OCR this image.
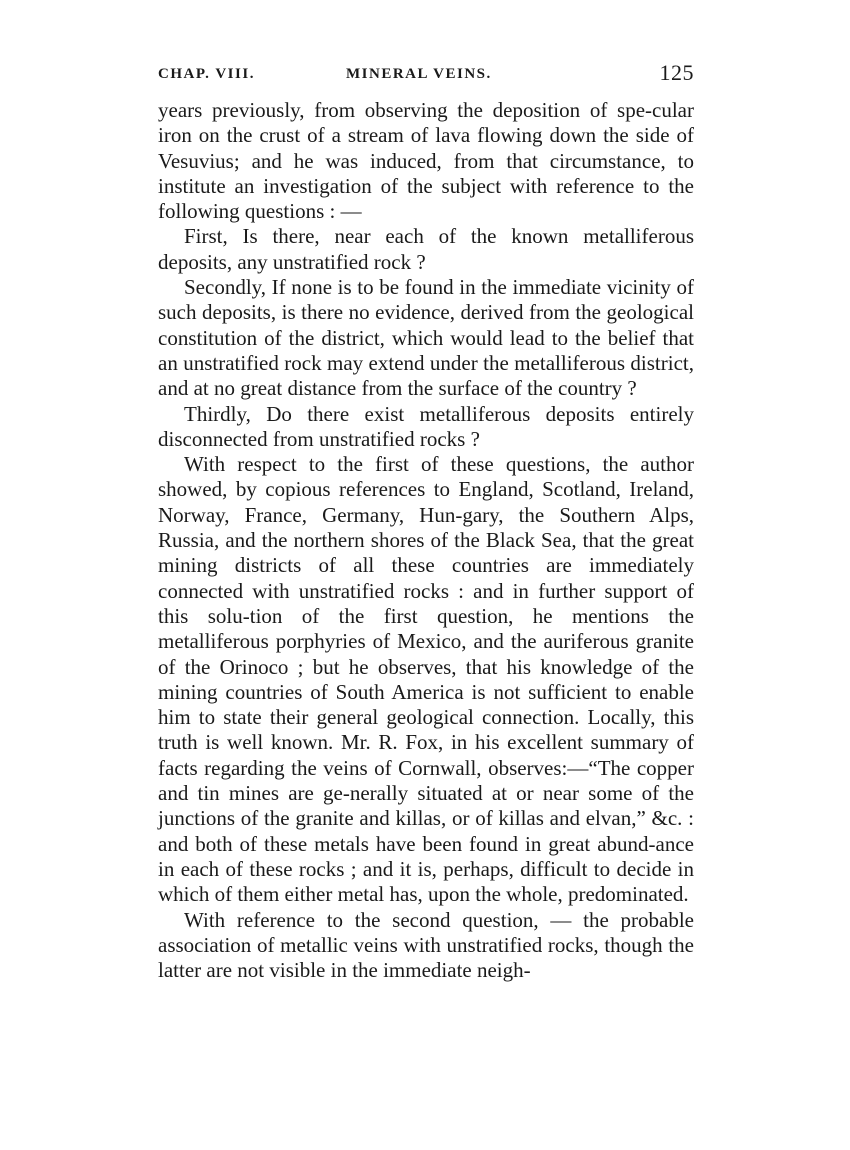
CHAP. VIII.	MINERAL VEINS.	125

years previously, from observing the deposition of spe-cular iron on the crust of a stream of lava flowing down the side of Vesuvius; and he was induced, from that circumstance, to institute an investigation of the subject with reference to the following questions : —

First, Is there, near each of the known metalliferous deposits, any unstratified rock ?

Secondly, If none is to be found in the immediate vicinity of such deposits, is there no evidence, derived from the geological constitution of the district, which would lead to the belief that an unstratified rock may extend under the metalliferous district, and at no great distance from the surface of the country ?

Thirdly, Do there exist metalliferous deposits entirely disconnected from unstratified rocks ?

With respect to the first of these questions, the author showed, by copious references to England, Scotland, Ireland, Norway, France, Germany, Hun-gary, the Southern Alps, Russia, and the northern shores of the Black Sea, that the great mining districts of all these countries are immediately connected with unstratified rocks : and in further support of this solu-tion of the first question, he mentions the metalliferous porphyries of Mexico, and the auriferous granite of the Orinoco ; but he observes, that his knowledge of the mining countries of South America is not sufficient to enable him to state their general geological connection. Locally, this truth is well known. Mr. R. Fox, in his excellent summary of facts regarding the veins of Cornwall, observes:—“The copper and tin mines are ge-nerally situated at or near some of the junctions of the granite and killas, or of killas and elvan,” &c. : and both of these metals have been found in great abund-ance in each of these rocks ; and it is, perhaps, difficult to decide in which of them either metal has, upon the whole, predominated.

With reference to the second question, — the probable association of metallic veins with unstratified rocks, though the latter are not visible in the immediate neigh-
